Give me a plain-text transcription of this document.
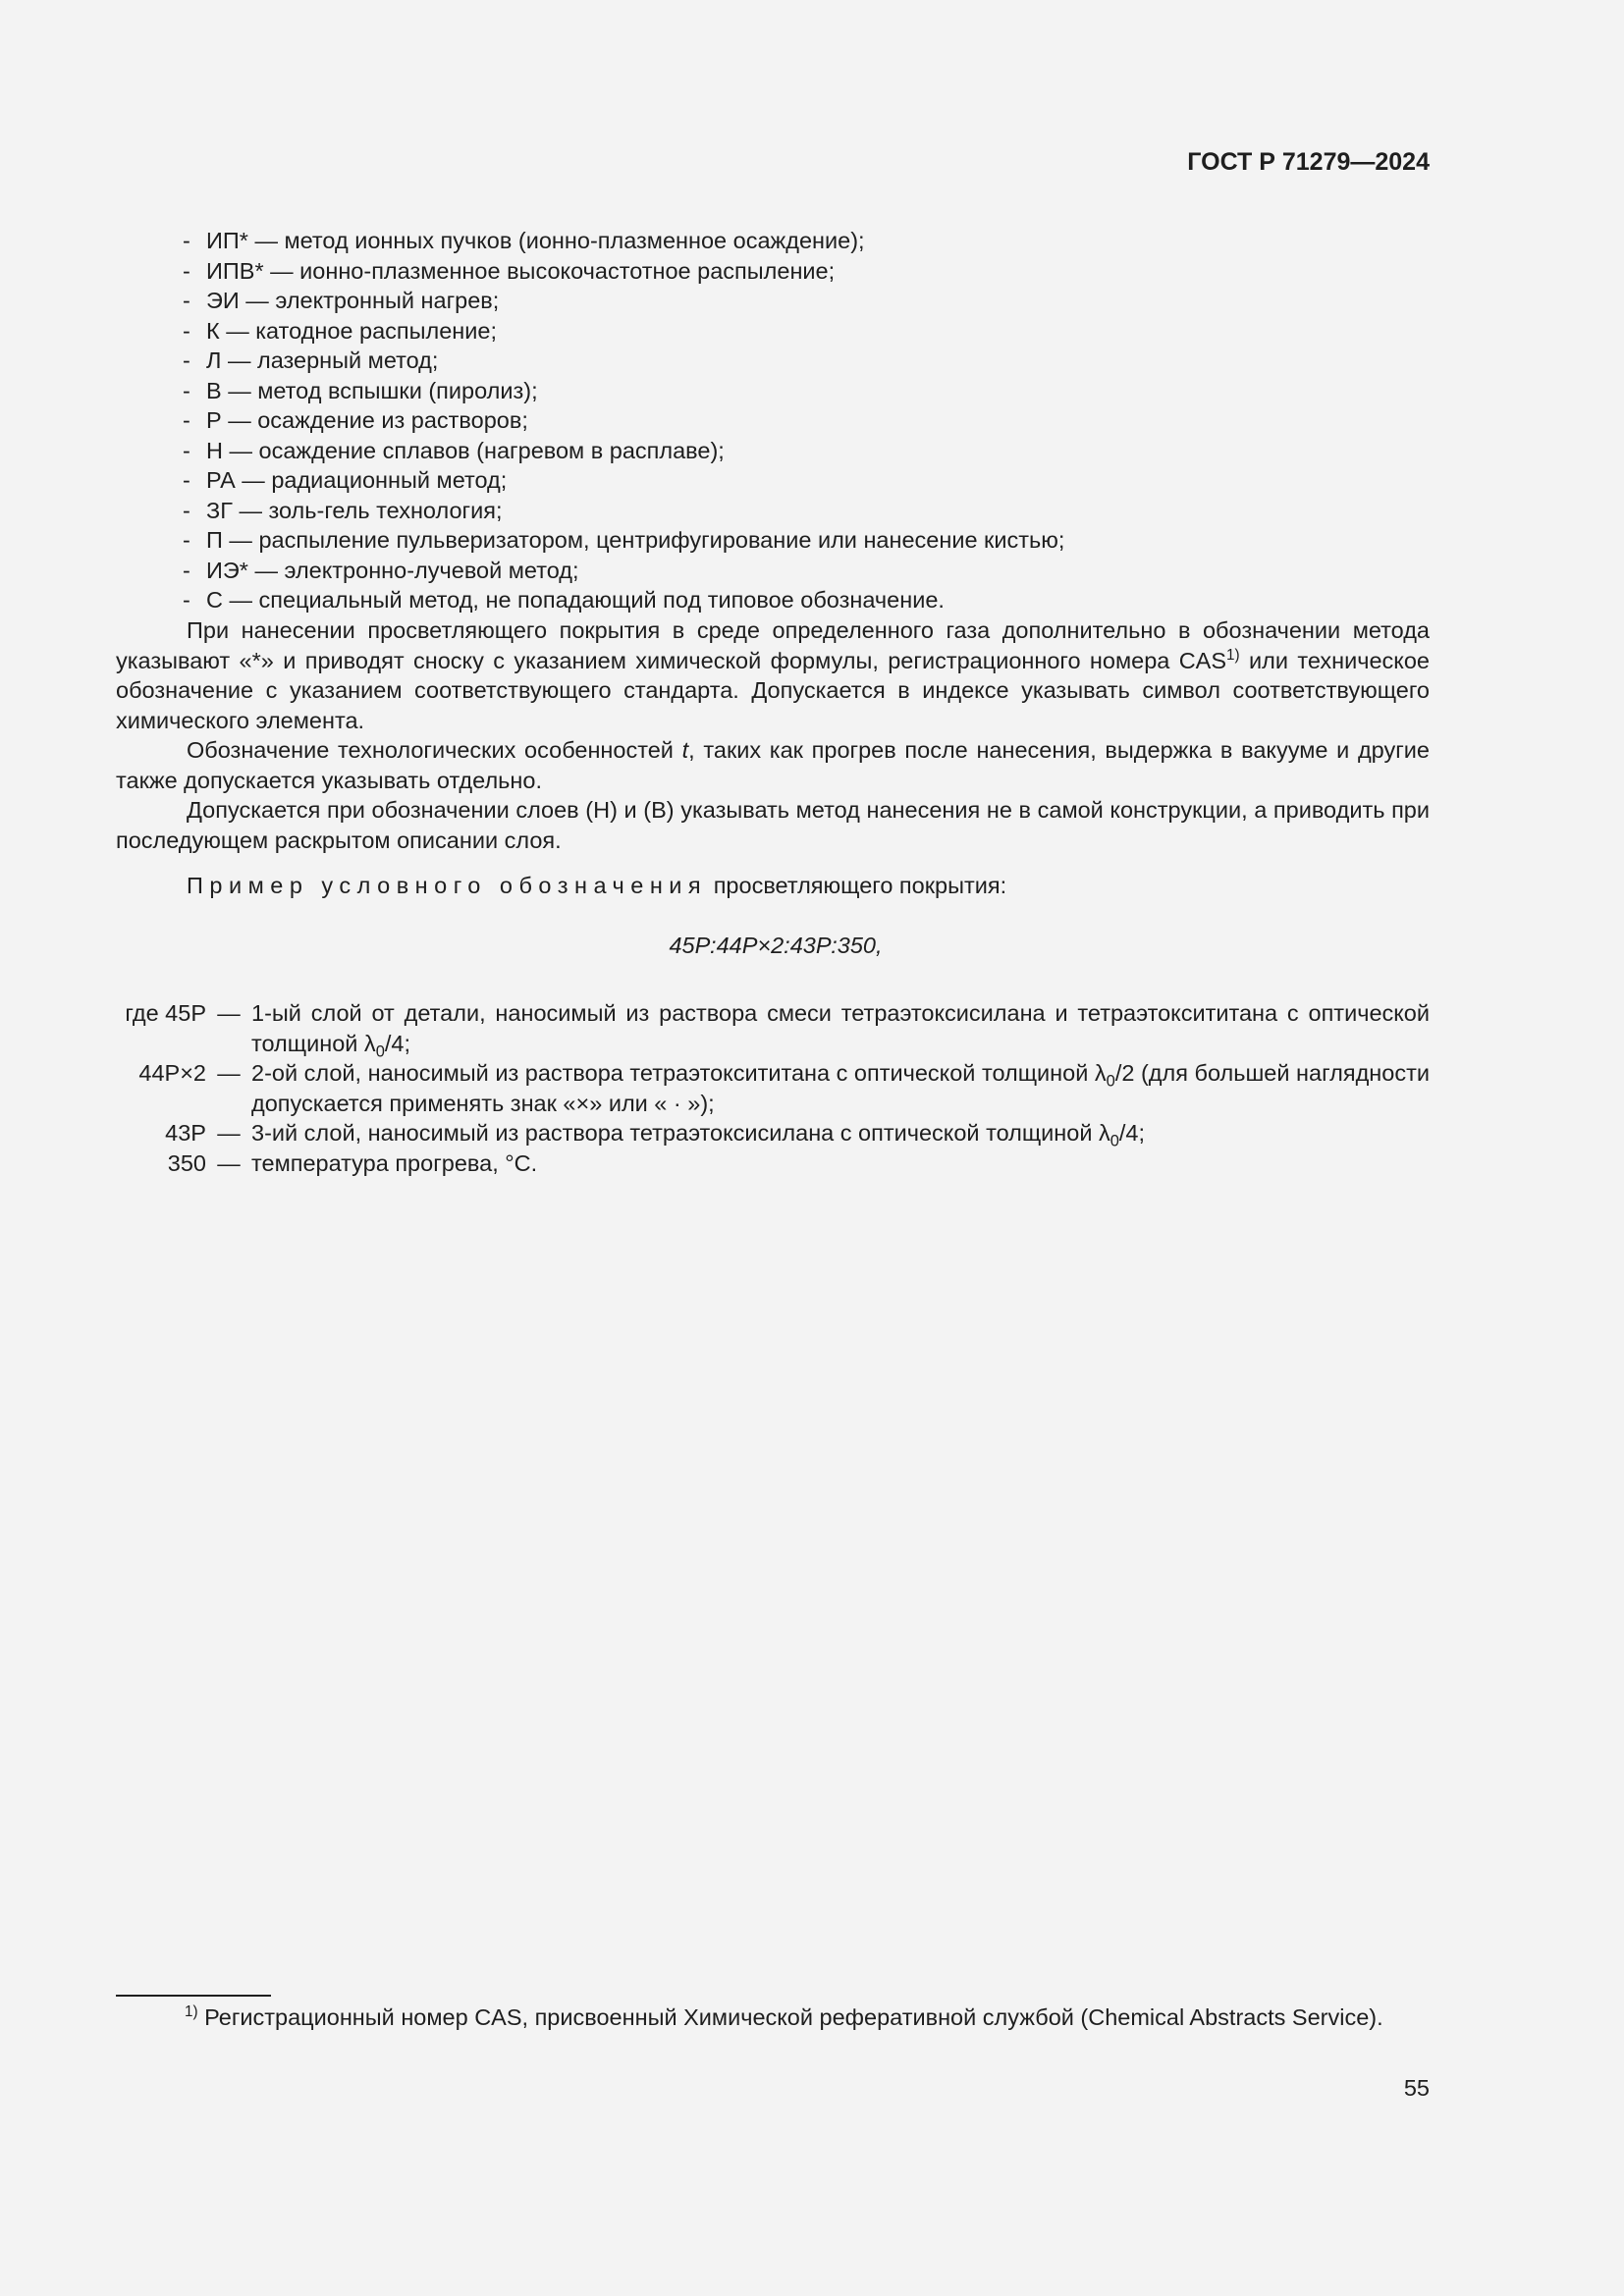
ГОСТ Р 71279—2024
- ИП* — метод ионных пучков (ионно-плазменное осаждение);
- ИПВ* — ионно-плазменное высокочастотное распыление;
- ЭИ — электронный нагрев;
- К — катодное распыление;
- Л — лазерный метод;
- В — метод вспышки (пиролиз);
- Р — осаждение из растворов;
- Н — осаждение сплавов (нагревом в расплаве);
- РА — радиационный метод;
- ЗГ — золь-гель технология;
- П — распыление пульверизатором, центрифугирование или нанесение кистью;
- ИЭ* — электронно-лучевой метод;
- С — специальный метод, не попадающий под типовое обозначение.

При нанесении просветляющего покрытия в среде определенного газа дополнительно в обозначении метода указывают «*» и приводят сноску с указанием химической формулы, регистрационного номера CAS$^{1)}$ или техническое обозначение с указанием соответствующего стандарта. Допускается в индексе указывать символ соответствующего химического элемента.

Обозначение технологических особенностей t, таких как прогрев после нанесения, выдержка в вакууме и другие также допускается указывать отдельно.

Допускается при обозначении слоев (Н) и (В) указывать метод нанесения не в самой конструкции, а приводить при последующем раскрытом описании слоя.

Пример условного обозначения просветляющего покрытия:
45Р:44Р×2:43Р:350,
где 45Р — 1-ый слой от детали, наносимый из раствора смеси тетраэтоксисилана и тетраэтоксититана с оптической толщиной $\lambda_0/4$;
44Р×2 — 2-ой слой, наносимый из раствора тетраэтоксититана с оптической толщиной $\lambda_0/2$ (для большей наглядности допускается применять знак «×» или « · »);
43Р — 3-ий слой, наносимый из раствора тетраэтоксисилана с оптической толщиной $\lambda_0/4$;
350 — температура прогрева, °С.
$^{1)}$ Регистрационный номер CAS, присвоенный Химической реферативной службой (Chemical Abstracts Service).
55
